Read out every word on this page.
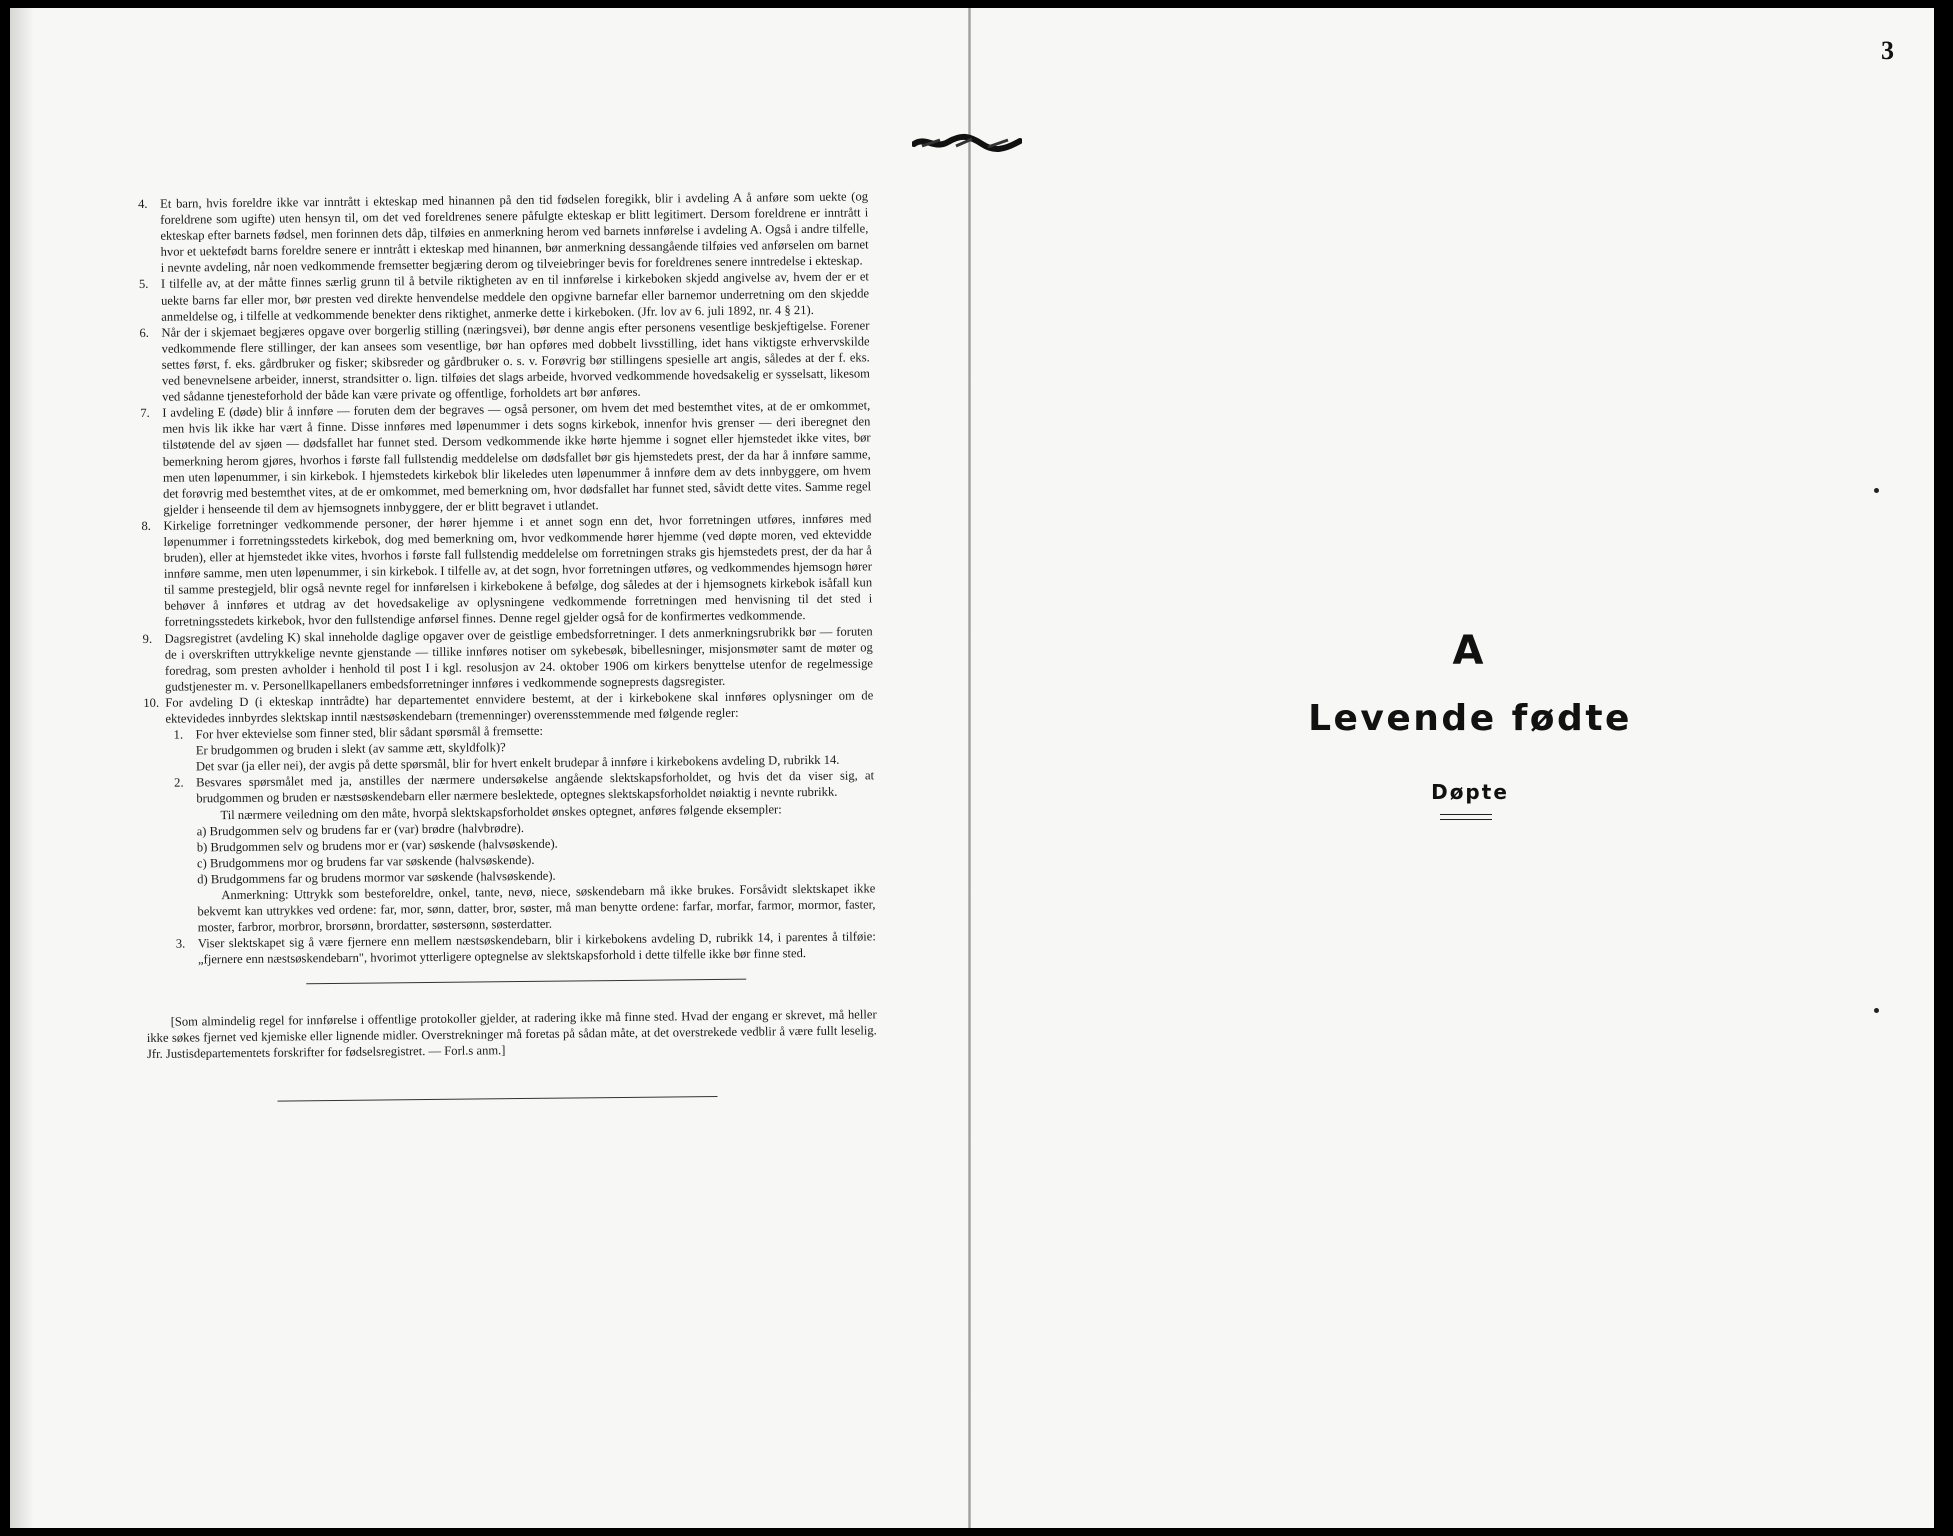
3
4. Et barn, hvis foreldre ikke var inntrått i ekteskap med hinannen på den tid fødselen foregikk, blir i avdeling A å anføre som uekte (og foreldrene som ugifte) uten hensyn til, om det ved foreldrenes senere påfulgte ekteskap er blitt legitimert. Dersom foreldrene er inntrått i ekteskap efter barnets fødsel, men forinnen dets dåp, tilføies en anmerkning herom ved barnets innførelse i avdeling A. Også i andre tilfelle, hvor et uektefødt barns foreldre senere er inntrått i ekteskap med hinannen, bør anmerkning dessangående tilføies ved anførselen om barnet i nevnte avdeling, når noen vedkommende fremsetter begjæring derom og tilveiebringer bevis for foreldrenes senere inntredelse i ekteskap.
5. I tilfelle av, at der måtte finnes særlig grunn til å betvile riktigheten av en til innførelse i kirkeboken skjedd angivelse av, hvem der er et uekte barns far eller mor, bør presten ved direkte henvendelse meddele den opgivne barnefar eller barnemor underretning om den skjedde anmeldelse og, i tilfelle at vedkommende benekter dens riktighet, anmerke dette i kirkeboken. (Jfr. lov av 6. juli 1892, nr. 4 § 21).
6. Når der i skjemaet begjæres opgave over borgerlig stilling (næringsvei), bør denne angis efter personens vesentlige beskjeftigelse. Forener vedkommende flere stillinger, der kan ansees som vesentlige, bør han opføres med dobbelt livsstilling, idet hans viktigste erhvervskilde settes først, f. eks. gårdbruker og fisker; skibsreder og gårdbruker o. s. v. Forøvrig bør stillingens spesielle art angis, således at der f. eks. ved benevnelsene arbeider, innerst, strandsitter o. lign. tilføies det slags arbeide, hvorved vedkommende hovedsakelig er sysselsatt, likesom ved sådanne tjenesteforhold der både kan være private og offentlige, forholdets art bør anføres.
7. I avdeling E (døde) blir å innføre — foruten dem der begraves — også personer, om hvem det med bestemthet vites, at de er omkommet, men hvis lik ikke har vært å finne. Disse innføres med løpenummer i dets sogns kirkebok, innenfor hvis grenser — deri iberegnet den tilstøtende del av sjøen — dødsfallet har funnet sted. Dersom vedkommende ikke hørte hjemme i sognet eller hjemstedet ikke vites, bør bemerkning herom gjøres, hvorhos i første fall fullstendig meddelelse om dødsfallet bør gis hjemstedets prest, der da har å innføre samme, men uten løpenummer, i sin kirkebok. I hjemstedets kirkebok blir likeledes uten løpenummer å innføre dem av dets innbyggere, om hvem det forøvrig med bestemthet vites, at de er omkommet, med bemerkning om, hvor dødsfallet har funnet sted, såvidt dette vites. Samme regel gjelder i henseende til dem av hjemsognets innbyggere, der er blitt begravet i utlandet.
8. Kirkelige forretninger vedkommende personer, der hører hjemme i et annet sogn enn det, hvor forretningen utføres, innføres med løpenummer i forretningsstedets kirkebok, dog med bemerkning om, hvor vedkommende hører hjemme (ved døpte moren, ved ektevidde bruden), eller at hjemstedet ikke vites, hvorhos i første fall fullstendig meddelelse om forretningen straks gis hjemstedets prest, der da har å innføre samme, men uten løpenummer, i sin kirkebok. I tilfelle av, at det sogn, hvor forretningen utføres, og vedkommendes hjemsogn hører til samme prestegjeld, blir også nevnte regel for innførelsen i kirkebokene å befølge, dog således at der i hjemsognets kirkebok isåfall kun behøver å innføres et utdrag av det hovedsakelige av oplysningene vedkommende forretningen med henvisning til det sted i forretningsstedets kirkebok, hvor den fullstendige anførsel finnes. Denne regel gjelder også for de konfirmertes vedkommende.
9. Dagsregistret (avdeling K) skal inneholde daglige opgaver over de geistlige embedsforretninger. I dets anmerkningsrubrikk bør — foruten de i overskriften uttrykkelige nevnte gjenstande — tillike innføres notiser om sykebesøk, bibellesninger, misjonsmøter samt de møter og foredrag, som presten avholder i henhold til post I i kgl. resolusjon av 24. oktober 1906 om kirkers benyttelse utenfor de regelmessige gudstjenester m. v. Personellkapellaners embedsforretninger innføres i vedkommende sogneprests dagsregister.
10. For avdeling D (i ekteskap inntrådte) har departementet ennvidere bestemt, at der i kirkebokene skal innføres oplysninger om de ektevidedes innbyrdes slektskap inntil næstsøskendebarn (tremenninger) overensstemmende med følgende regler:
1. For hver ektevielse som finner sted, blir sådant spørsmål å fremsette:
Er brudgommen og bruden i slekt (av samme ætt, skyldfolk)?
Det svar (ja eller nei), der avgis på dette spørsmål, blir for hvert enkelt brudepar å innføre i kirkebokens avdeling D, rubrikk 14.
2. Besvares spørsmålet med ja, anstilles der nærmere undersøkelse angående slektskapsforholdet, og hvis det da viser sig, at brudgommen og bruden er næstsøskendebarn eller nærmere beslektede, optegnes slektskapsforholdet nøiaktig i nevnte rubrikk.
Til nærmere veiledning om den måte, hvorpå slektskapsforholdet ønskes optegnet, anføres følgende eksempler:
a) Brudgommen selv og brudens far er (var) brødre (halvbrødre).
b) Brudgommen selv og brudens mor er (var) søskende (halvsøskende).
c) Brudgommens mor og brudens far var søskende (halvsøskende).
d) Brudgommens far og brudens mormor var søskende (halvsøskende).
Anmerkning: Uttrykk som besteforeldre, onkel, tante, nevø, niece, søskendebarn må ikke brukes. Forsåvidt slektskapet ikke bekvemt kan uttrykkes ved ordene: far, mor, sønn, datter, bror, søster, må man benytte ordene: farfar, morfar, farmor, mormor, faster, moster, farbror, morbror, brorsønn, brordatter, søstersønn, søsterdatter.
3. Viser slektskapet sig å være fjernere enn mellem næstsøskendebarn, blir i kirkebokens avdeling D, rubrikk 14, i parentes å tilføie: „fjernere enn næstsøskendebarn", hvorimot ytterligere optegnelse av slektskapsforhold i dette tilfelle ikke bør finne sted.
[Som almindelig regel for innførelse i offentlige protokoller gjelder, at radering ikke må finne sted. Hvad der engang er skrevet, må heller ikke søkes fjernet ved kjemiske eller lignende midler. Overstrekninger må foretas på sådan måte, at det overstrekede vedblir å være fullt leselig. Jfr. Justisdepartementets forskrifter for fødselsregistret. — Forl.s anm.]
A
Levende fødte
Døpte
